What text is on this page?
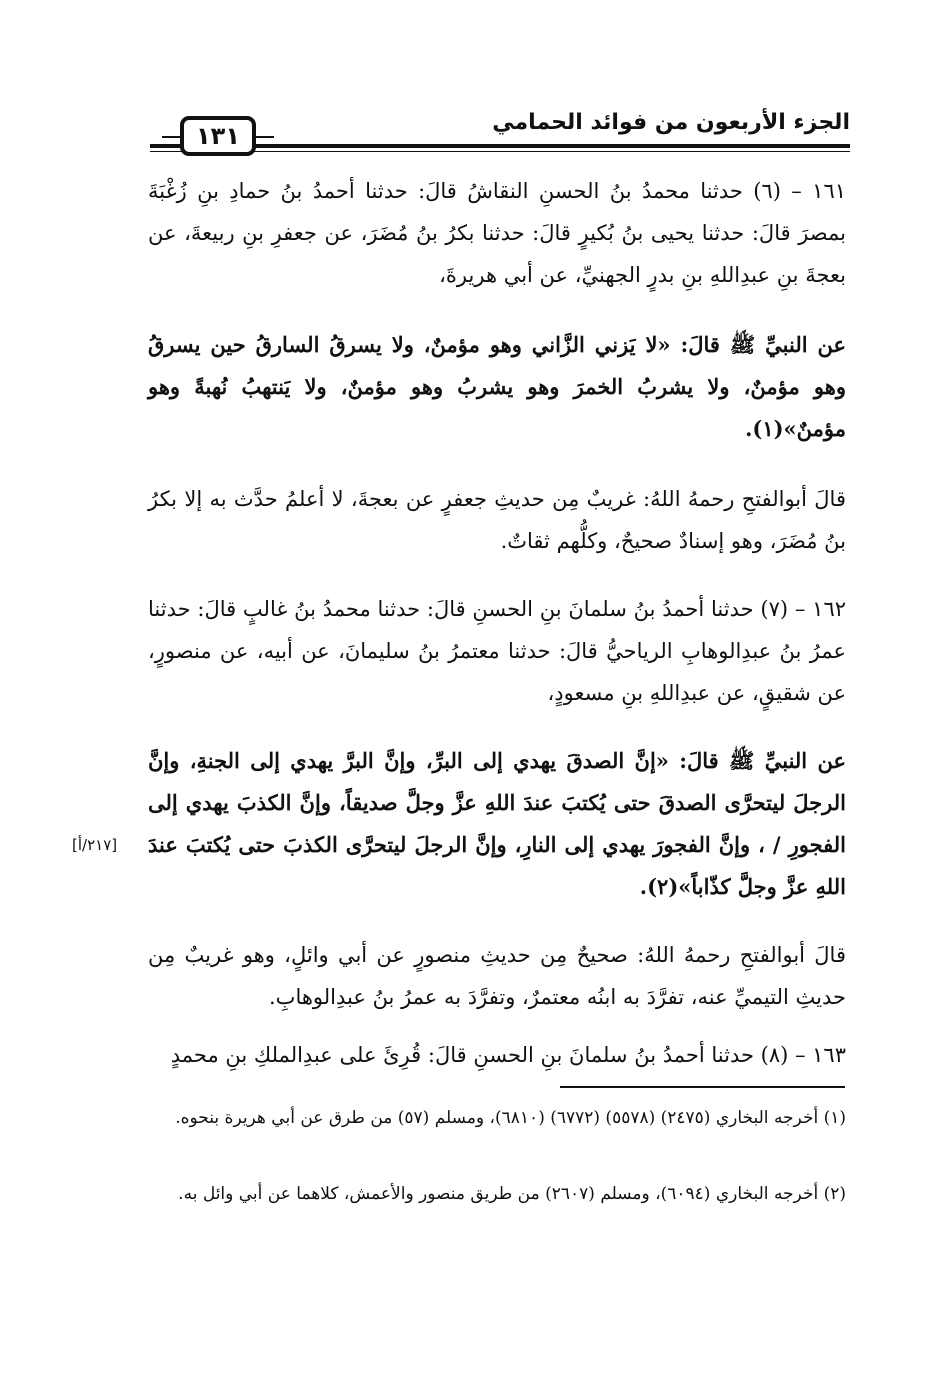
الجزء الأربعون من فوائد الحمامي
١٣١
١٦١ – (٦) حدثنا محمدُ بنُ الحسنِ النقاشُ قالَ: حدثنا أحمدُ بنُ حمادِ بنِ زُغْبَةَ بمصرَ قالَ: حدثنا يحيى بنُ بُكيرٍ قالَ: حدثنا بكرُ بنُ مُضَرَ، عن جعفرِ بنِ ربيعةَ، عن بعجةَ بنِ عبدِاللهِ بنِ بدرٍ الجهنيِّ، عن أبي هريرةَ،
عن النبيِّ ﷺ قالَ: «لا يَزني الزَّاني وهو مؤمنٌ، ولا يسرقُ السارقُ حين يسرقُ وهو مؤمنٌ، ولا يشربُ الخمرَ وهو يشربُ وهو مؤمنٌ، ولا يَنتهبُ نُهبةً وهو مؤمنٌ»(١).
قالَ أبوالفتحِ رحمهُ اللهُ: غريبٌ مِن حديثِ جعفرٍ عن بعجةَ، لا أعلمُ حدَّث به إلا بكرُ بنُ مُضَرَ، وهو إسنادٌ صحيحٌ، وكلُّهم ثقاتٌ.
١٦٢ – (٧) حدثنا أحمدُ بنُ سلمانَ بنِ الحسنِ قالَ: حدثنا محمدُ بنُ غالبٍ قالَ: حدثنا عمرُ بنُ عبدِالوهابِ الرياحيُّ قالَ: حدثنا معتمرُ بنُ سليمانَ، عن أبيه، عن منصورٍ، عن شقيقٍ، عن عبدِاللهِ بنِ مسعودٍ،
عن النبيِّ ﷺ قالَ: «إنَّ الصدقَ يهدي إلى البرِّ، وإنَّ البرَّ يهدي إلى الجنةِ، وإنَّ الرجلَ ليتحرَّى الصدقَ حتى يُكتبَ عندَ اللهِ عزَّ وجلَّ صديقاً، وإنَّ الكذبَ يهدي إلى الفجورِ / ، وإنَّ الفجورَ يهدي إلى النارِ، وإنَّ الرجلَ ليتحرَّى الكذبَ حتى يُكتبَ عندَ اللهِ عزَّ وجلَّ كذّاباً»(٢).
[٢١٧/أ]
قالَ أبوالفتحِ رحمهُ اللهُ: صحيحٌ مِن حديثِ منصورٍ عن أبي وائلٍ، وهو غريبٌ مِن حديثِ التيميِّ عنه، تفرَّدَ به ابنُه معتمرٌ، وتفرَّدَ به عمرُ بنُ عبدِالوهابِ.
١٦٣ – (٨) حدثنا أحمدُ بنُ سلمانَ بنِ الحسنِ قالَ: قُرِئَ على عبدِالملكِ بنِ محمدٍ
(١) أخرجه البخاري (٢٤٧٥) (٥٥٧٨) (٦٧٧٢) (٦٨١٠)، ومسلم (٥٧) من طرق عن أبي هريرة بنحوه.
(٢) أخرجه البخاري (٦٠٩٤)، ومسلم (٢٦٠٧) من طريق منصور والأعمش، كلاهما عن أبي وائل به.
